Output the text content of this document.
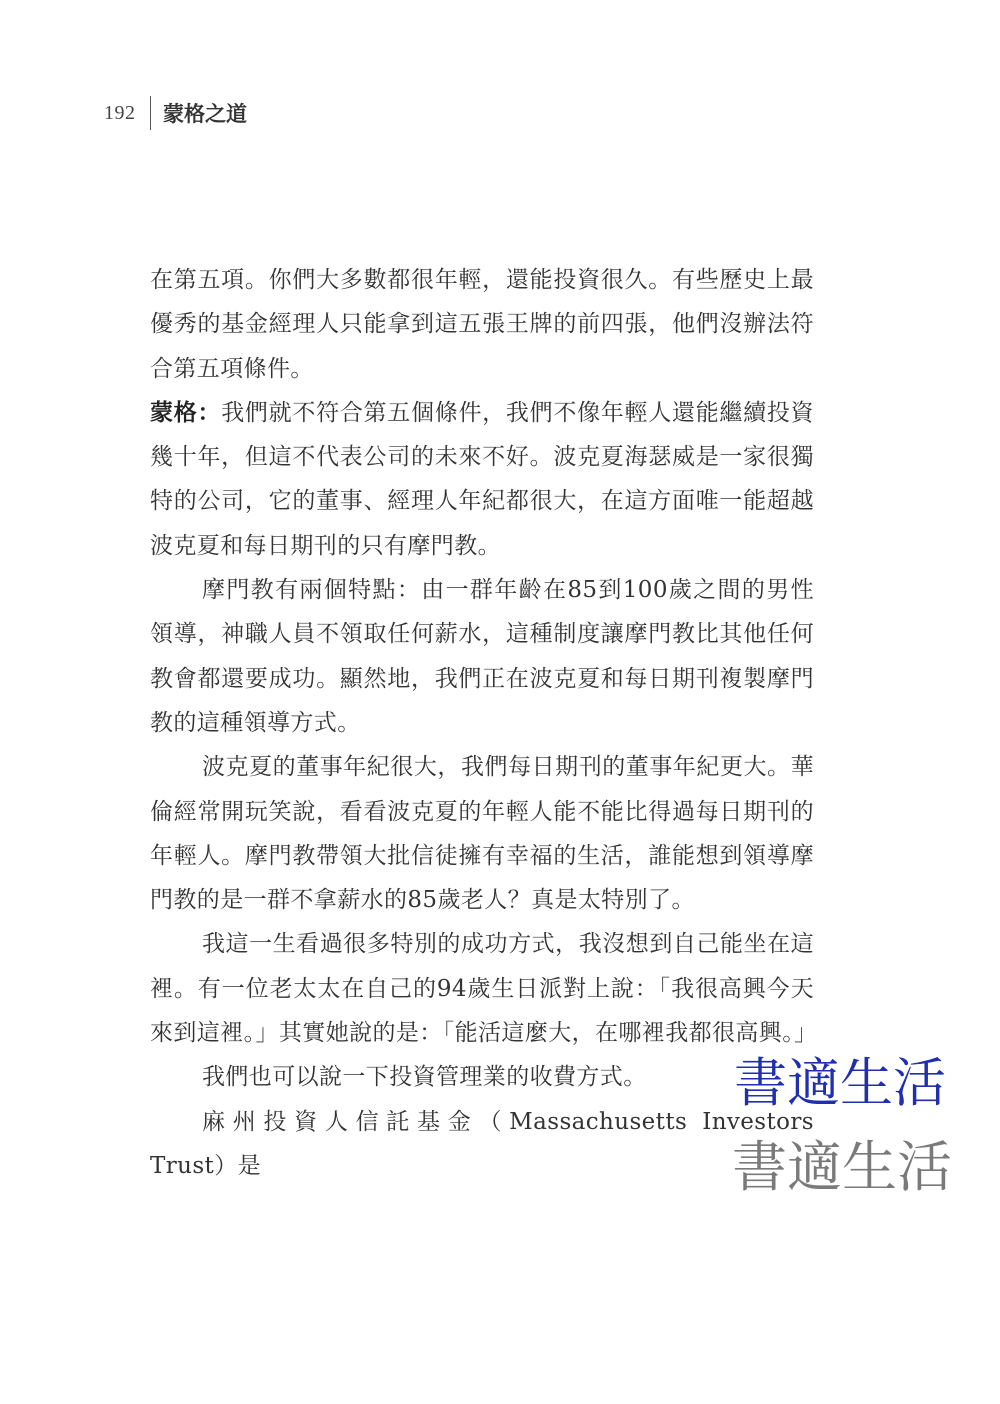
192 蒙格之道

在第五項。你們大多數都很年輕，還能投資很久。有些歷史上最優秀的基金經理人只能拿到這五張王牌的前四張，他們沒辦法符合第五項條件。

蒙格：我們就不符合第五個條件，我們不像年輕人還能繼續投資幾十年，但這不代表公司的未來不好。波克夏海瑟威是一家很獨特的公司，它的董事、經理人年紀都很大，在這方面唯一能超越波克夏和每日期刊的只有摩門教。

摩門教有兩個特點：由一群年齡在85到100歲之間的男性領導，神職人員不領取任何薪水，這種制度讓摩門教比其他任何教會都還要成功。顯然地，我們正在波克夏和每日期刊複製摩門教的這種領導方式。

波克夏的董事年紀很大，我們每日期刊的董事年紀更大。華倫經常開玩笑說，看看波克夏的年輕人能不能比得過每日期刊的年輕人。摩門教帶領大批信徒擁有幸福的生活，誰能想到領導摩門教的是一群不拿薪水的85歲老人？真是太特別了。

我這一生看過很多特別的成功方式，我沒想到自己能坐在這裡。有一位老太太在自己的94歲生日派對上說：「我很高興今天來到這裡。」其實她說的是：「能活這麼大，在哪裡我都很高興。」

我們也可以說一下投資管理業的收費方式。

麻州投資人信託基金（Massachusetts Investors Trust）是

書適生活
書適生活
